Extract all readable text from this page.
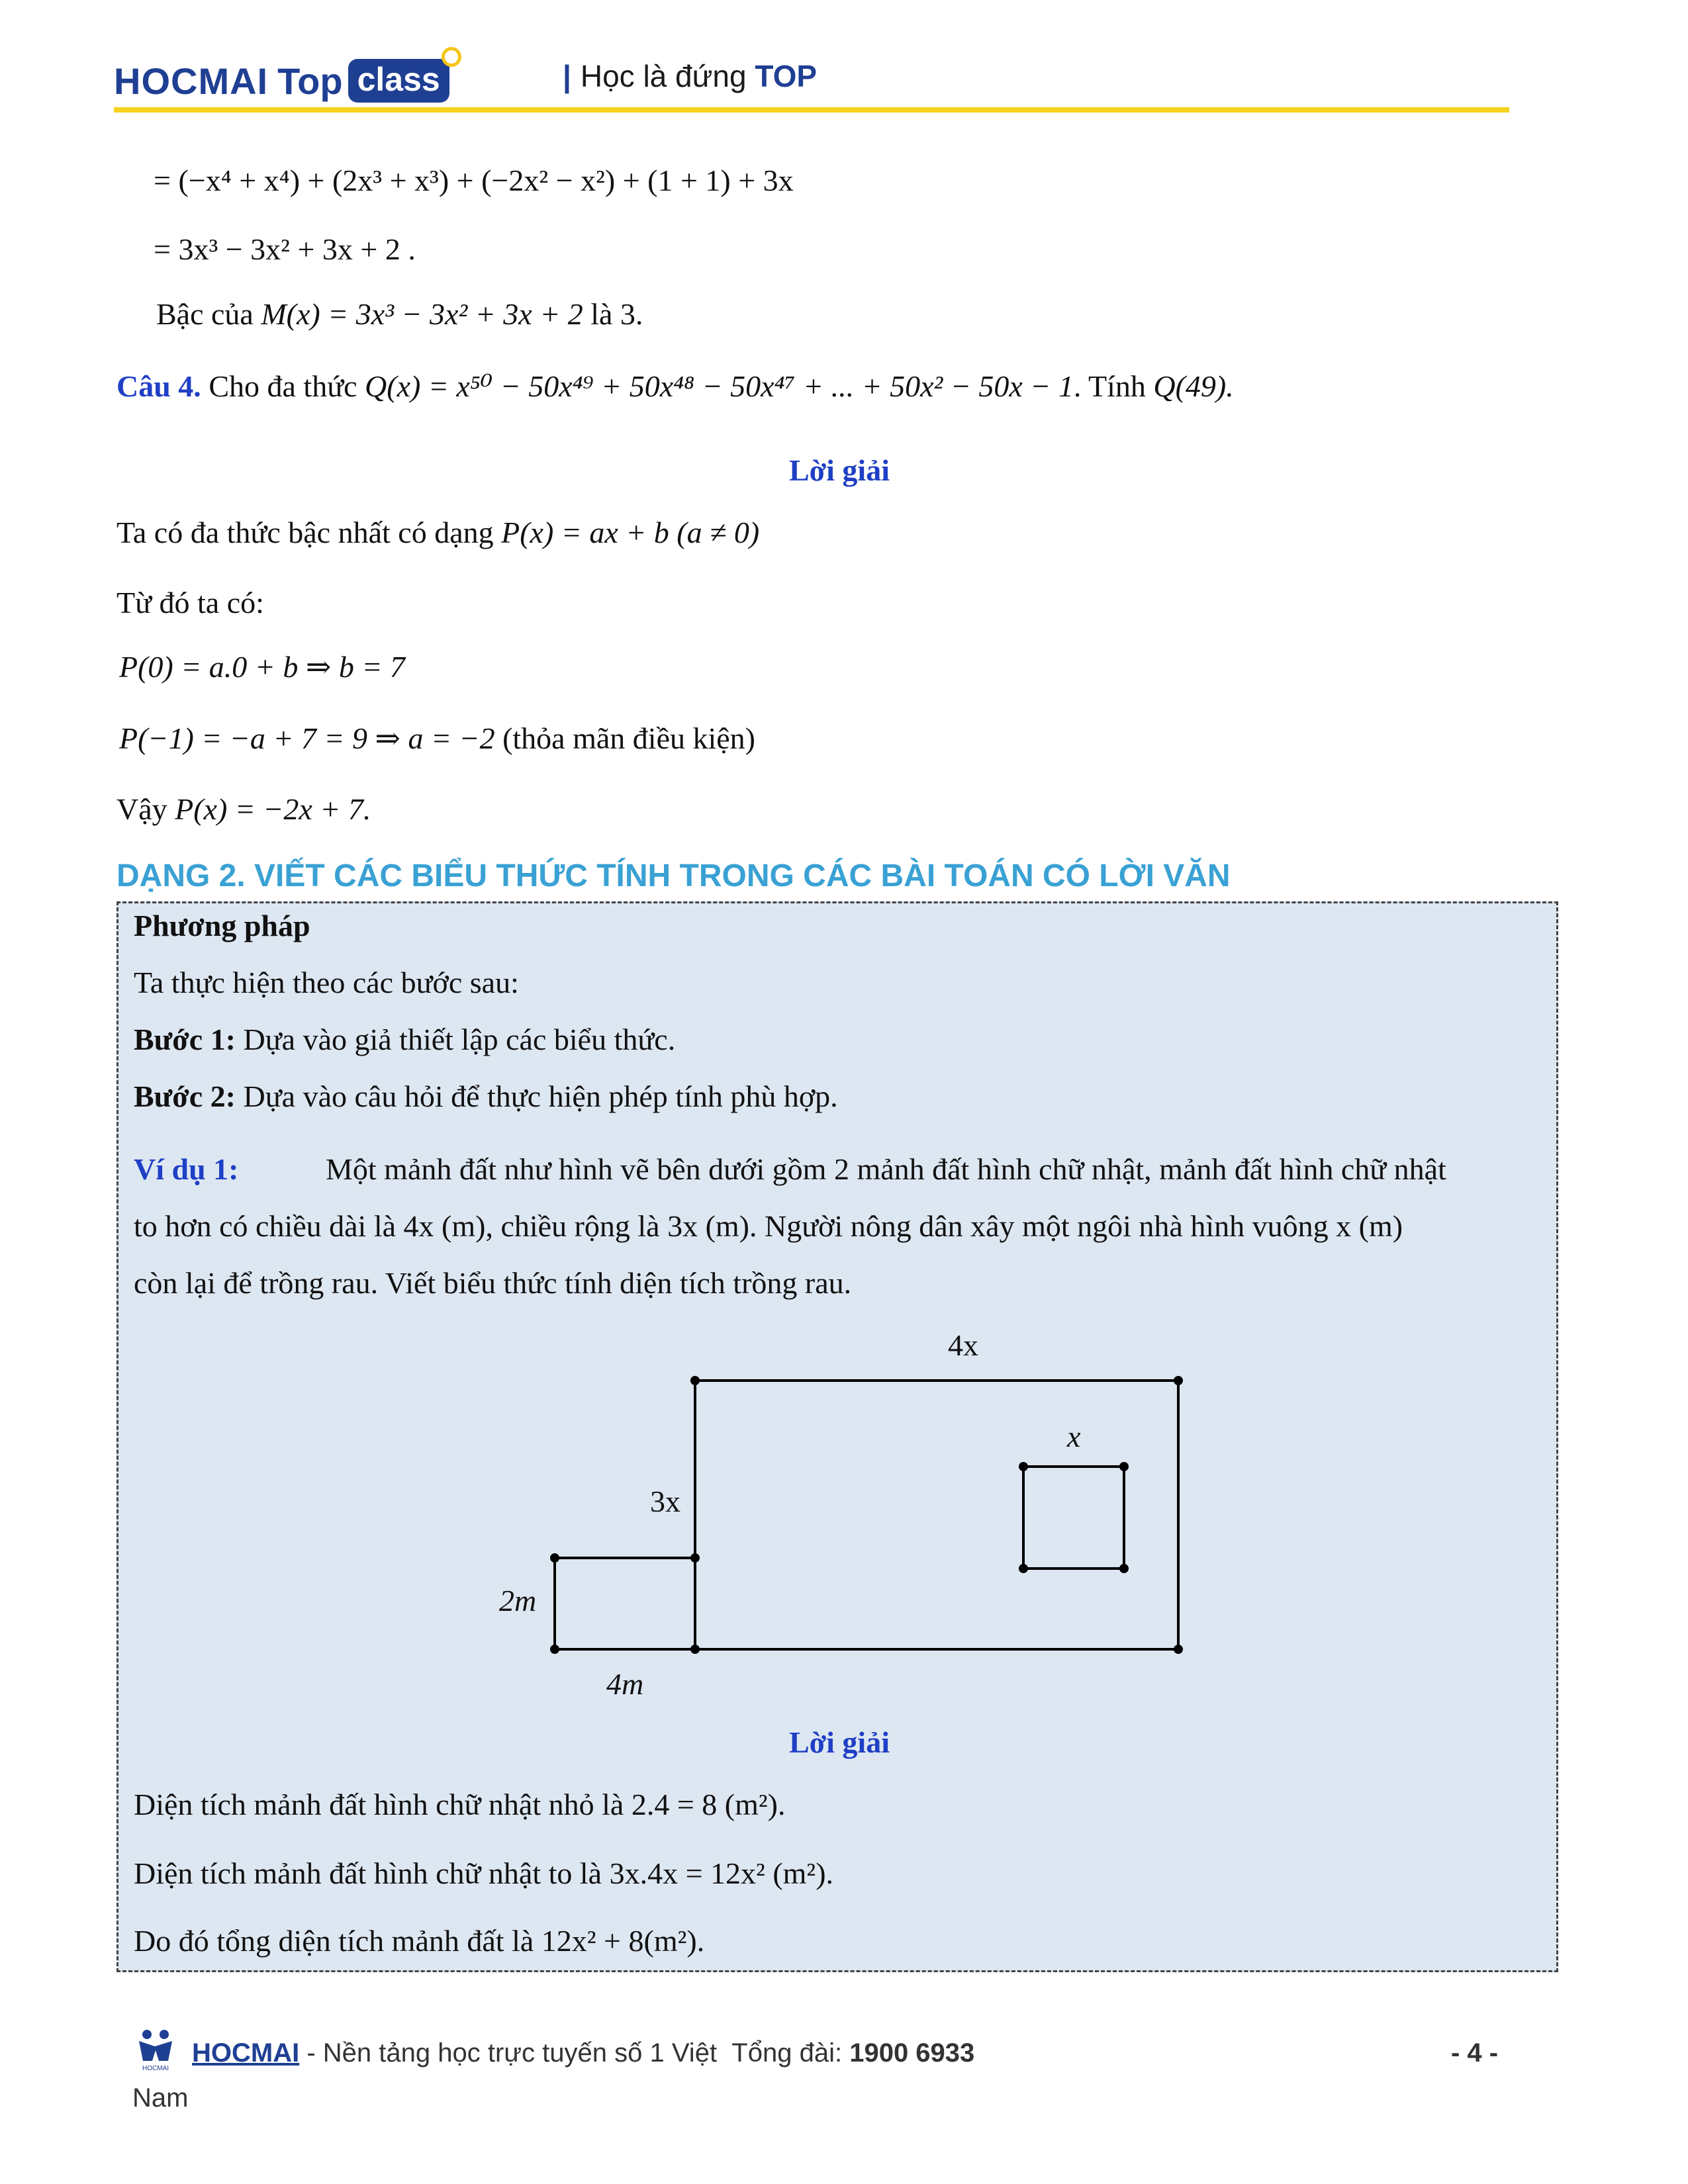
HOCMAI Top class	| Học là đứng TOP
= (−x⁴ + x⁴) + (2x³ + x³) + (−2x² − x²) + (1 + 1) + 3x
= 3x³ − 3x² + 3x + 2 .
Bậc của M(x) = 3x³ − 3x² + 3x + 2 là 3.
Câu 4. Cho đa thức Q(x) = x⁵⁰ − 50x⁴⁹ + 50x⁴⁸ − 50x⁴⁷ + ... + 50x² − 50x − 1. Tính Q(49).
Lời giải
Ta có đa thức bậc nhất có dạng P(x) = ax + b (a ≠ 0)
Từ đó ta có:
P(0) = a.0 + b ⇒ b = 7
P(−1) = −a + 7 = 9 ⇒ a = −2 (thỏa mãn điều kiện)
Vậy P(x) = −2x + 7.
DẠNG 2. VIẾT CÁC BIỂU THỨC TÍNH TRONG CÁC BÀI TOÁN CÓ LỜI VĂN
Phương pháp
Ta thực hiện theo các bước sau:
Bước 1: Dựa vào giả thiết lập các biểu thức.
Bước 2: Dựa vào câu hỏi để thực hiện phép tính phù hợp.
Ví dụ 1:	Một mảnh đất như hình vẽ bên dưới gồm 2 mảnh đất hình chữ nhật, mảnh đất hình chữ nhật
to hơn có chiều dài là 4x (m), chiều rộng là 3x (m). Người nông dân xây một ngôi nhà hình vuông x (m)
còn lại để trồng rau. Viết biểu thức tính diện tích trồng rau.
4x
x
3x
2m
4m
Lời giải
Diện tích mảnh đất hình chữ nhật nhỏ là 2.4 = 8 (m²).
Diện tích mảnh đất hình chữ nhật to là 3x.4x = 12x² (m²).
Do đó tổng diện tích mảnh đất là 12x² + 8(m²).
HOCMAI
HOCMAI - Nền tảng học trực tuyến số 1 Việt Tổng đài: 1900 6933	- 4 -
Nam
